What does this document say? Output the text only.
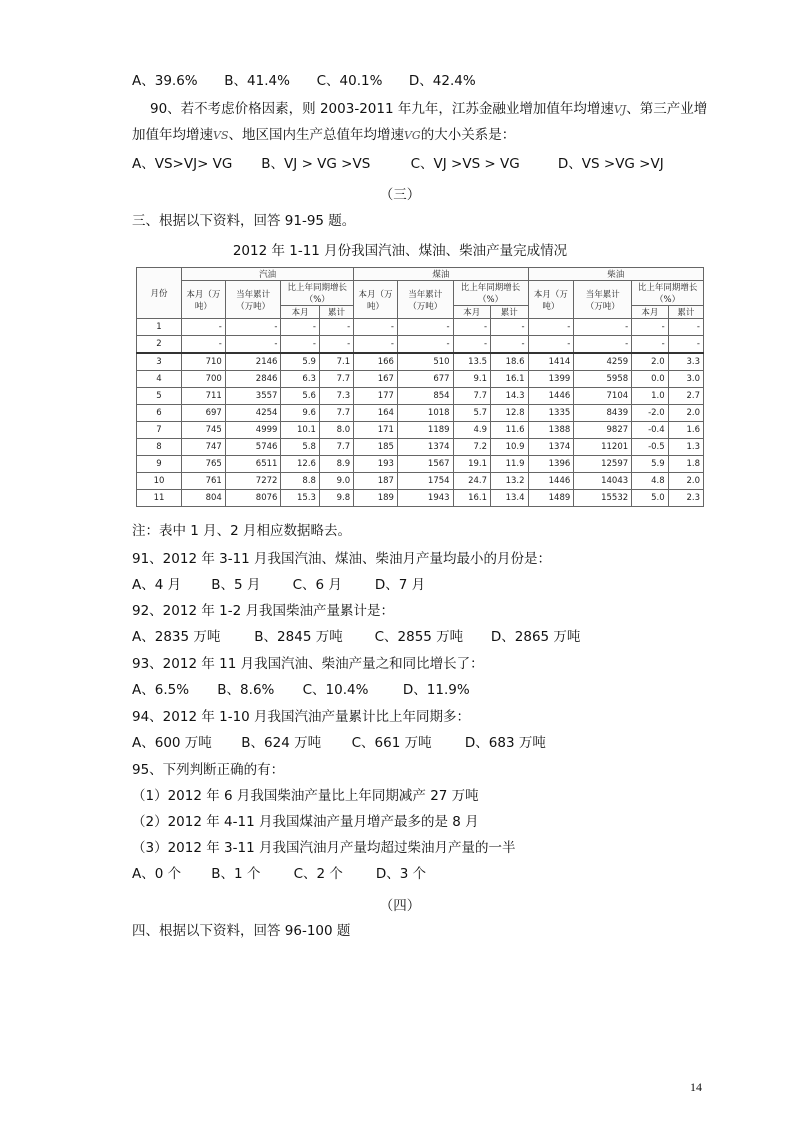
A、39.6% B、41.4% C、40.1% D、42.4%
90、若不考虑价格因素，则 2003-2011 年九年，江苏金融业增加值年均增速VJ、第三产业增
加值年均增速VS、地区国内生产总值年均增速VG的大小关系是：
A、VS>VJ> VG B、VJ > VG >VS	C、VJ >VS > VG	D、VS >VG >VJ
（三）
三、根据以下资料，回答 91-95 题。
2012 年 1-11 月份我国汽油、煤油、柴油产量完成情况
月份	汽油				煤油				柴油			
	本月（万吨）	当年累计（万吨）	比上年同期增长（%）		本月（万吨）	当年累计（万吨）	比上年同期增长（%）		本月（万吨）	当年累计（万吨）	比上年同期增长（%）	
			本月	累计			本月	累计			本月	累计
1	-	-	-	-	-	-	-	-	-	-	-	-
2	-	-	-	-	-	-	-	-	-	-	-	-
3	710	2146	5.9	7.1	166	510	13.5	18.6	1414	4259	2.0	3.3
4	700	2846	6.3	7.7	167	677	9.1	16.1	1399	5958	0.0	3.0
5	711	3557	5.6	7.3	177	854	7.7	14.3	1446	7104	1.0	2.7
6	697	4254	9.6	7.7	164	1018	5.7	12.8	1335	8439	-2.0	2.0
7	745	4999	10.1	8.0	171	1189	4.9	11.6	1388	9827	-0.4	1.6
8	747	5746	5.8	7.7	185	1374	7.2	10.9	1374	11201	-0.5	1.3
9	765	6511	12.6	8.9	193	1567	19.1	11.9	1396	12597	5.9	1.8
10	761	7272	8.8	9.0	187	1754	24.7	13.2	1446	14043	4.8	2.0
11	804	8076	15.3	9.8	189	1943	16.1	13.4	1489	15532	5.0	2.3
注：表中 1 月、2 月相应数据略去。
91、2012 年 3-11 月我国汽油、煤油、柴油月产量均最小的月份是：
A、4 月 B、5 月 C、6 月 D、7 月
92、2012 年 1-2 月我国柴油产量累计是：
A、2835 万吨	B、2845 万吨 C、2855 万吨 D、2865 万吨
93、2012 年 11 月我国汽油、柴油产量之和同比增长了：
A、6.5% B、8.6% C、10.4%	D、11.9%
94、2012 年 1-10 月我国汽油产量累计比上年同期多：
A、600 万吨 B、624 万吨 C、661 万吨 D、683 万吨
95、下列判断正确的有：
（1）2012 年 6 月我国柴油产量比上年同期减产 27 万吨
（2）2012 年 4-11 月我国煤油产量月增产最多的是 8 月
（3）2012 年 3-11 月我国汽油月产量均超过柴油月产量的一半
A、0 个 B、1 个 C、2 个 D、3 个
（四）
四、根据以下资料，回答 96-100 题
14
